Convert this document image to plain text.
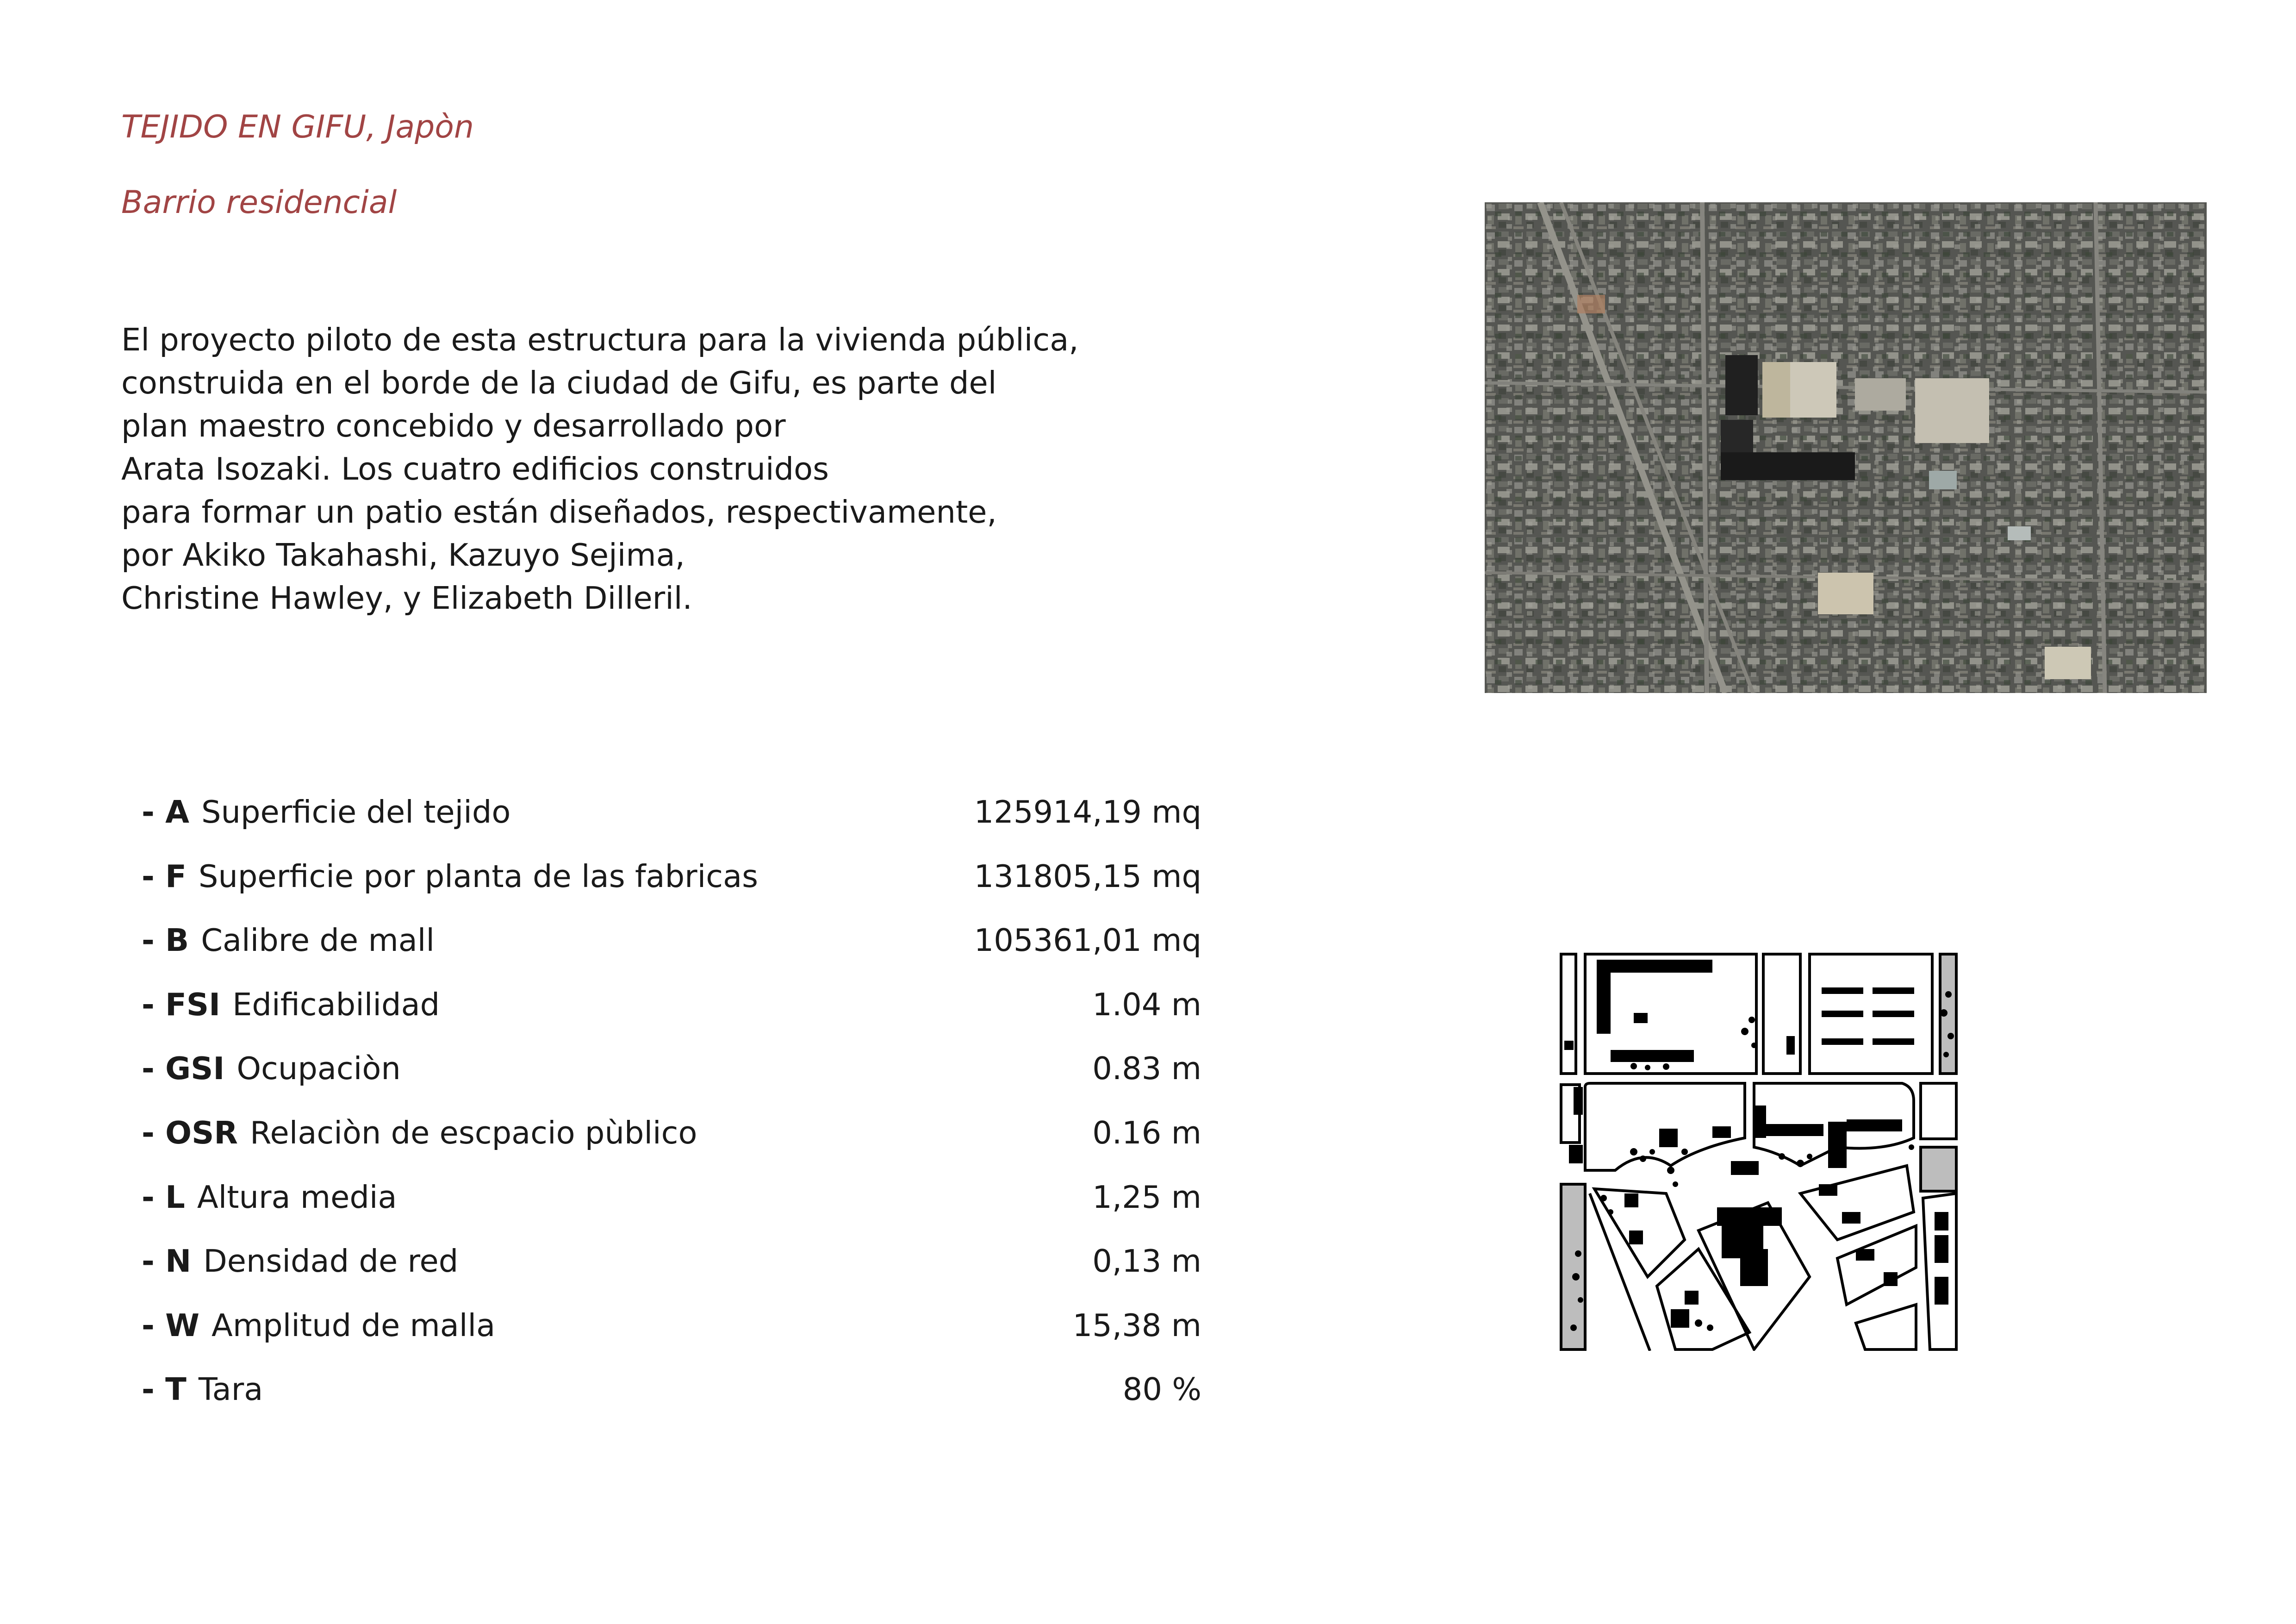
TEJIDO EN GIFU, Japòn
Barrio residencial
El proyecto piloto de esta estructura para la vivienda pública,
construida en el borde de la ciudad de Gifu, es parte del
plan maestro concebido y desarrollado por
Arata Isozaki. Los cuatro edificios construidos
para formar un patio están diseñados, respectivamente,
por Akiko Takahashi, Kazuyo Sejima,
Christine Hawley, y Elizabeth Dilleril.
- A Superficie del tejido	125914,19 mq
- F Superficie por planta de las fabricas	131805,15 mq
- B Calibre de mall	105361,01 mq
- FSI Edificabilidad	1.04 m
- GSI Ocupaciòn	0.83 m
- OSR Relaciòn de escpacio pùblico	0.16 m
- L Altura media	1,25 m
- N Densidad de red	0,13 m
- W Amplitud de malla	15,38 m
- T Tara	80 %
